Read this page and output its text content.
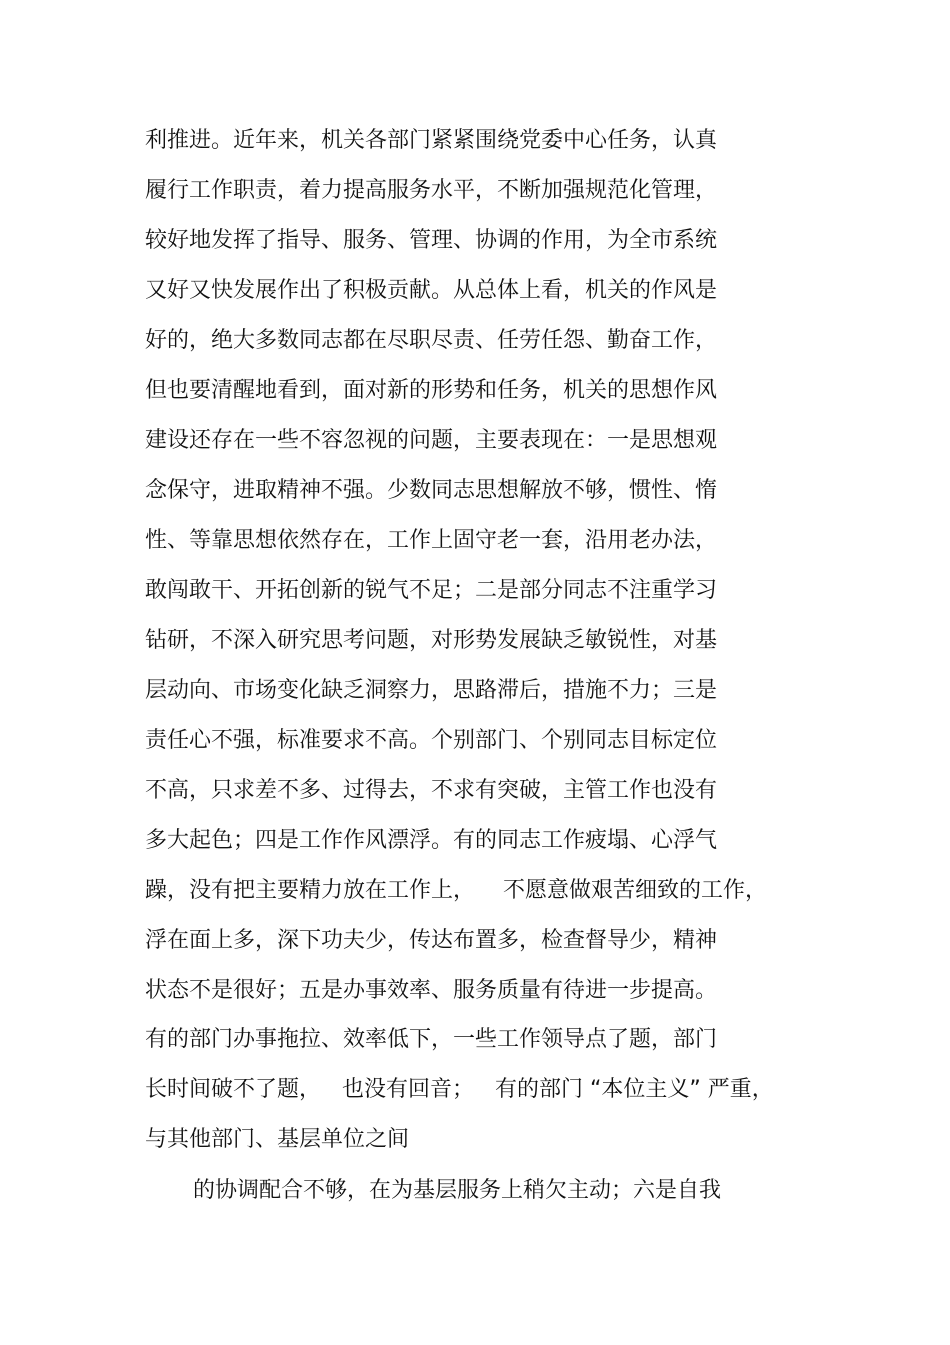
利推进。近年来，机关各部门紧紧围绕党委中心任务，认真
履行工作职责，着力提高服务水平，不断加强规范化管理，
较好地发挥了指导、服务、管理、协调的作用，为全市系统
又好又快发展作出了积极贡献。从总体上看，机关的作风是
好的，绝大多数同志都在尽职尽责、任劳任怨、勤奋工作，
但也要清醒地看到，面对新的形势和任务，机关的思想作风
建设还存在一些不容忽视的问题，主要表现在：一是思想观
念保守，进取精神不强。少数同志思想解放不够，惯性、惰
性、等靠思想依然存在，工作上固守老一套，沿用老办法，
敢闯敢干、开拓创新的锐气不足；二是部分同志不注重学习
钻研，不深入研究思考问题，对形势发展缺乏敏锐性，对基
层动向、市场变化缺乏洞察力，思路滞后，措施不力；三是
责任心不强，标准要求不高。个别部门、个别同志目标定位
不高，只求差不多、过得去，不求有突破，主管工作也没有
多大起色；四是工作作风漂浮。有的同志工作疲塌、心浮气
躁，没有把主要精力放在工作上，    不愿意做艰苦细致的工作，
浮在面上多，深下功夫少，传达布置多，检查督导少，精神
状态不是很好；五是办事效率、服务质量有待进一步提高。
有的部门办事拖拉、效率低下，一些工作领导点了题，部门
长时间破不了题，   也没有回音；   有的部门 “本位主义” 严重，
与其他部门、基层单位之间
的协调配合不够，在为基层服务上稍欠主动；六是自我
